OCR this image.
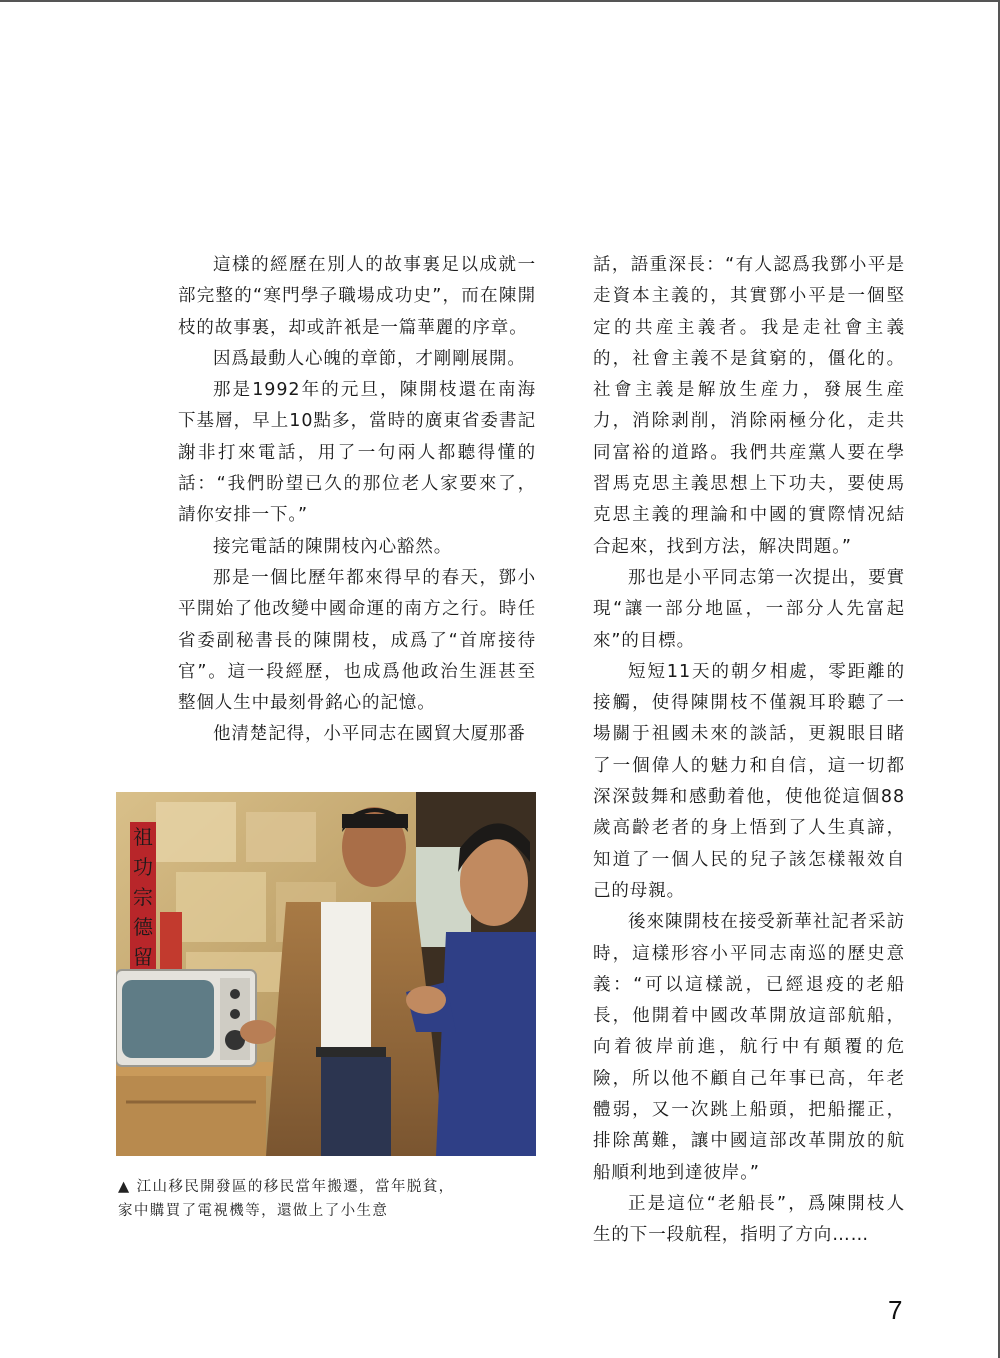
這樣的經歷在別人的故事裏足以成就一部完整的“寒門學子職場成功史”，而在陳開枝的故事裏，却或許衹是一篇華麗的序章。

因爲最動人心魄的章節，才剛剛展開。

那是1992年的元旦，陳開枝還在南海下基層，早上10點多，當時的廣東省委書記謝非打來電話，用了一句兩人都聽得懂的話：“我們盼望已久的那位老人家要來了，請你安排一下。”

接完電話的陳開枝內心豁然。

那是一個比歷年都來得早的春天，鄧小平開始了他改變中國命運的南方之行。時任省委副秘書長的陳開枝，成爲了“首席接待官”。這一段經歷，也成爲他政治生涯甚至整個人生中最刻骨銘心的記憶。

他清楚記得，小平同志在國貿大厦那番

話，語重深長：“有人認爲我鄧小平是走資本主義的，其實鄧小平是一個堅定的共産主義者。我是走社會主義的，社會主義不是貧窮的，僵化的。社會主義是解放生産力，發展生産力，消除剥削，消除兩極分化，走共同富裕的道路。我們共産黨人要在學習馬克思主義思想上下功夫，要使馬克思主義的理論和中國的實際情况結合起來，找到方法，解决問題。”

那也是小平同志第一次提出，要實現“讓一部分地區，一部分人先富起來”的目標。

短短11天的朝夕相處，零距離的接觸，使得陳開枝不僅親耳聆聽了一場關于祖國未來的談話，更親眼目睹了一個偉人的魅力和自信，這一切都深深鼓舞和感動着他，使他從這個88歲高齡老者的身上悟到了人生真諦，知道了一個人民的兒子該怎樣報效自己的母親。

後來陳開枝在接受新華社記者采訪時，這樣形容小平同志南巡的歷史意義：“可以這樣説，已經退疫的老船長，他開着中國改革開放這部航船，向着彼岸前進，航行中有顛覆的危險，所以他不顧自己年事已高，年老體弱，又一次跳上船頭，把船擺正，排除萬難，讓中國這部改革開放的航船順利地到達彼岸。”

正是這位“老船長”，爲陳開枝人生的下一段航程，指明了方向……

祖
功
宗
德
留
▲ 江山移民開發區的移民當年搬遷，當年脱貧，
家中購買了電視機等，還做上了小生意
7
